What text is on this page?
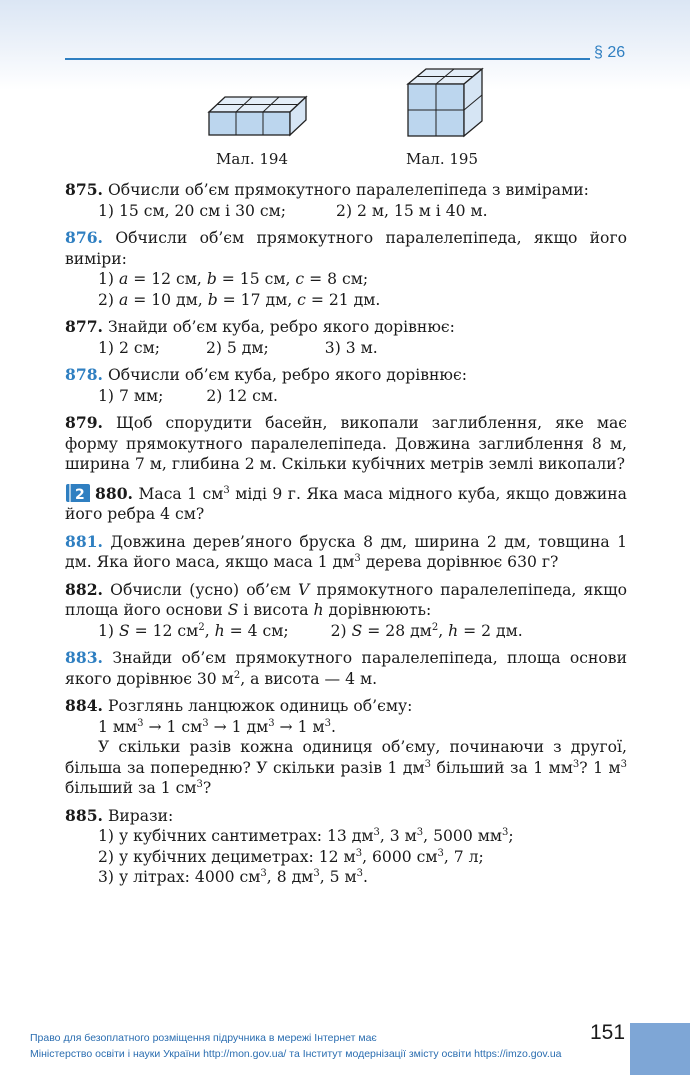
§ 26
Мал. 194	Мал. 195
875. Обчисли об’єм прямокутного паралелепіпеда з вимірами:
1) 15 см, 20 см і 30 см;	2) 2 м, 15 м і 40 м.
876. Обчисли об’єм прямокутного паралелепіпеда, якщо його виміри:
1) a = 12 см, b = 15 см, c = 8 см;
2) a = 10 дм, b = 17 дм, c = 21 дм.
877. Знайди об’єм куба, ребро якого дорівнює:
1) 2 см;	2) 5 дм;	3) 3 м.
878. Обчисли об’єм куба, ребро якого дорівнює:
1) 7 мм;	2) 12 см.
879. Щоб спорудити басейн, викопали заглиблення, яке має форму прямокутного паралелепіпеда. Довжина заглиблення 8 м, ширина 7 м, глибина 2 м. Скільки кубічних метрів землі викопали?
2 880. Маса 1 $см^3$ міді 9 г. Яка маса мідного куба, якщо довжина його ребра 4 см?
881. Довжина дерев’яного бруска 8 дм, ширина 2 дм, товщина 1 дм. Яка його маса, якщо маса 1 $дм^3$ дерева дорівнює 630 г?
882. Обчисли (усно) об’єм V прямокутного паралелепіпеда, якщо площа його основи S і висота h дорівнюють:
1) S = 12 $см^2$, h = 4 см;	2) S = 28 $дм^2$, h = 2 дм.
883. Знайди об’єм прямокутного паралелепіпеда, площа основи якого дорівнює 30 $м^2$, а висота — 4 м.
884. Розглянь ланцюжок одиниць об’єму:
1 $мм^3 \to 1$ $см^3 \to 1$ $дм^3 \to 1$ $м^3$.
У скільки разів кожна одиниця об’єму, починаючи з другої, більша за попередню? У скільки разів 1 $дм^3$ більший за 1 $мм^3$? 1 $м^3$ більший за 1 $см^3$?
885. Вирази:
1) у кубічних сантиметрах: 13 $дм^3$, 3 $м^3$, 5000 $мм^3$;
2) у кубічних дециметрах: 12 $м^3$, 6000 $см^3$, 7 л;
3) у літрах: 4000 $см^3$, 8 $дм^3$, 5 $м^3$.
151
Право для безоплатного розміщення підручника в мережі Інтернет має
Міністерство освіти і науки України http://mon.gov.ua/ та Інститут модернізації змісту освіти https://imzo.gov.ua
